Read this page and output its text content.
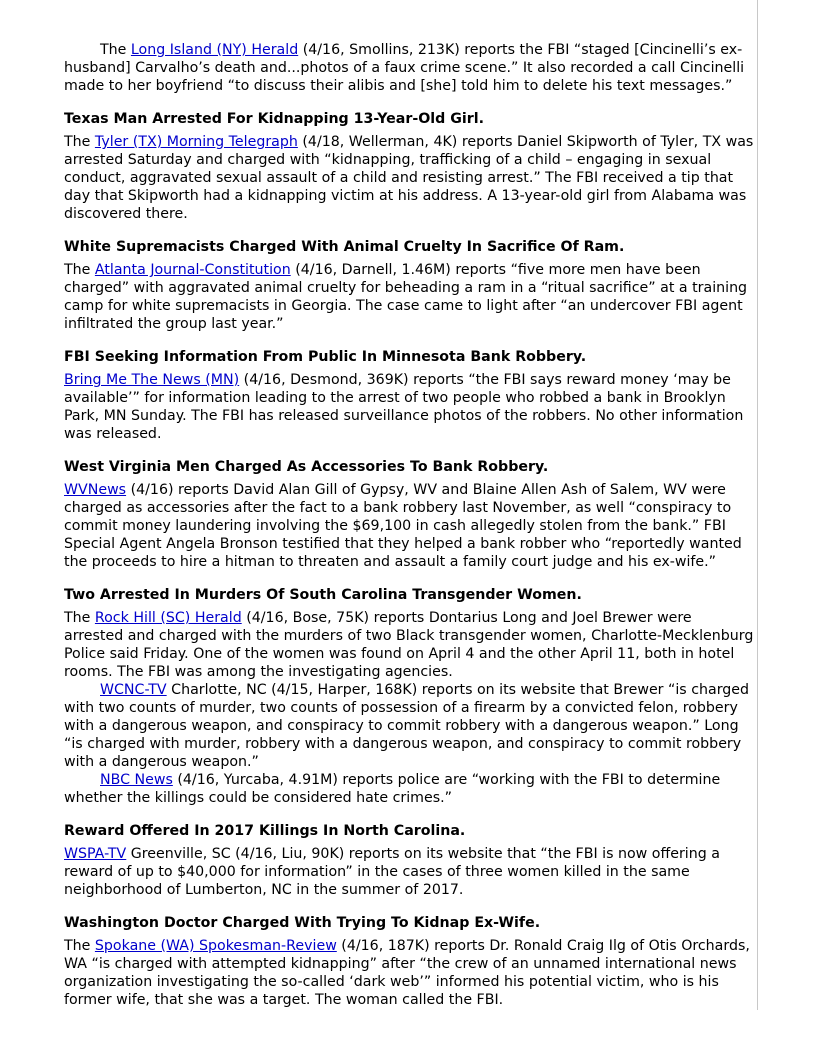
The Long Island (NY) Herald (4/16, Smollins, 213K) reports the FBI “staged [Cincinelli’s ex-husband] Carvalho’s death and...photos of a faux crime scene.” It also recorded a call Cincinelli made to her boyfriend “to discuss their alibis and [she] told him to delete his text messages.”

Texas Man Arrested For Kidnapping 13-Year-Old Girl.

The Tyler (TX) Morning Telegraph (4/18, Wellerman, 4K) reports Daniel Skipworth of Tyler, TX was arrested Saturday and charged with “kidnapping, trafficking of a child – engaging in sexual conduct, aggravated sexual assault of a child and resisting arrest.” The FBI received a tip that day that Skipworth had a kidnapping victim at his address. A 13-year-old girl from Alabama was discovered there.

White Supremacists Charged With Animal Cruelty In Sacrifice Of Ram.

The Atlanta Journal-Constitution (4/16, Darnell, 1.46M) reports “five more men have been charged” with aggravated animal cruelty for beheading a ram in a “ritual sacrifice” at a training camp for white supremacists in Georgia. The case came to light after “an undercover FBI agent infiltrated the group last year.”

FBI Seeking Information From Public In Minnesota Bank Robbery.

Bring Me The News (MN) (4/16, Desmond, 369K) reports “the FBI says reward money ‘may be available’” for information leading to the arrest of two people who robbed a bank in Brooklyn Park, MN Sunday. The FBI has released surveillance photos of the robbers. No other information was released.

West Virginia Men Charged As Accessories To Bank Robbery.

WVNews (4/16) reports David Alan Gill of Gypsy, WV and Blaine Allen Ash of Salem, WV were charged as accessories after the fact to a bank robbery last November, as well “conspiracy to commit money laundering involving the $69,100 in cash allegedly stolen from the bank.” FBI Special Agent Angela Bronson testified that they helped a bank robber who “reportedly wanted the proceeds to hire a hitman to threaten and assault a family court judge and his ex-wife.”

Two Arrested In Murders Of South Carolina Transgender Women.

The Rock Hill (SC) Herald (4/16, Bose, 75K) reports Dontarius Long and Joel Brewer were arrested and charged with the murders of two Black transgender women, Charlotte-Mecklenburg Police said Friday. One of the women was found on April 4 and the other April 11, both in hotel rooms. The FBI was among the investigating agencies.

WCNC-TV Charlotte, NC (4/15, Harper, 168K) reports on its website that Brewer “is charged with two counts of murder, two counts of possession of a firearm by a convicted felon, robbery with a dangerous weapon, and conspiracy to commit robbery with a dangerous weapon.” Long “is charged with murder, robbery with a dangerous weapon, and conspiracy to commit robbery with a dangerous weapon.”

NBC News (4/16, Yurcaba, 4.91M) reports police are “working with the FBI to determine whether the killings could be considered hate crimes.”

Reward Offered In 2017 Killings In North Carolina.

WSPA-TV Greenville, SC (4/16, Liu, 90K) reports on its website that “the FBI is now offering a reward of up to $40,000 for information” in the cases of three women killed in the same neighborhood of Lumberton, NC in the summer of 2017.

Washington Doctor Charged With Trying To Kidnap Ex-Wife.

The Spokane (WA) Spokesman-Review (4/16, 187K) reports Dr. Ronald Craig Ilg of Otis Orchards, WA “is charged with attempted kidnapping” after “the crew of an unnamed international news organization investigating the so-called ‘dark web’” informed his potential victim, who is his former wife, that she was a target. The woman called the FBI.
